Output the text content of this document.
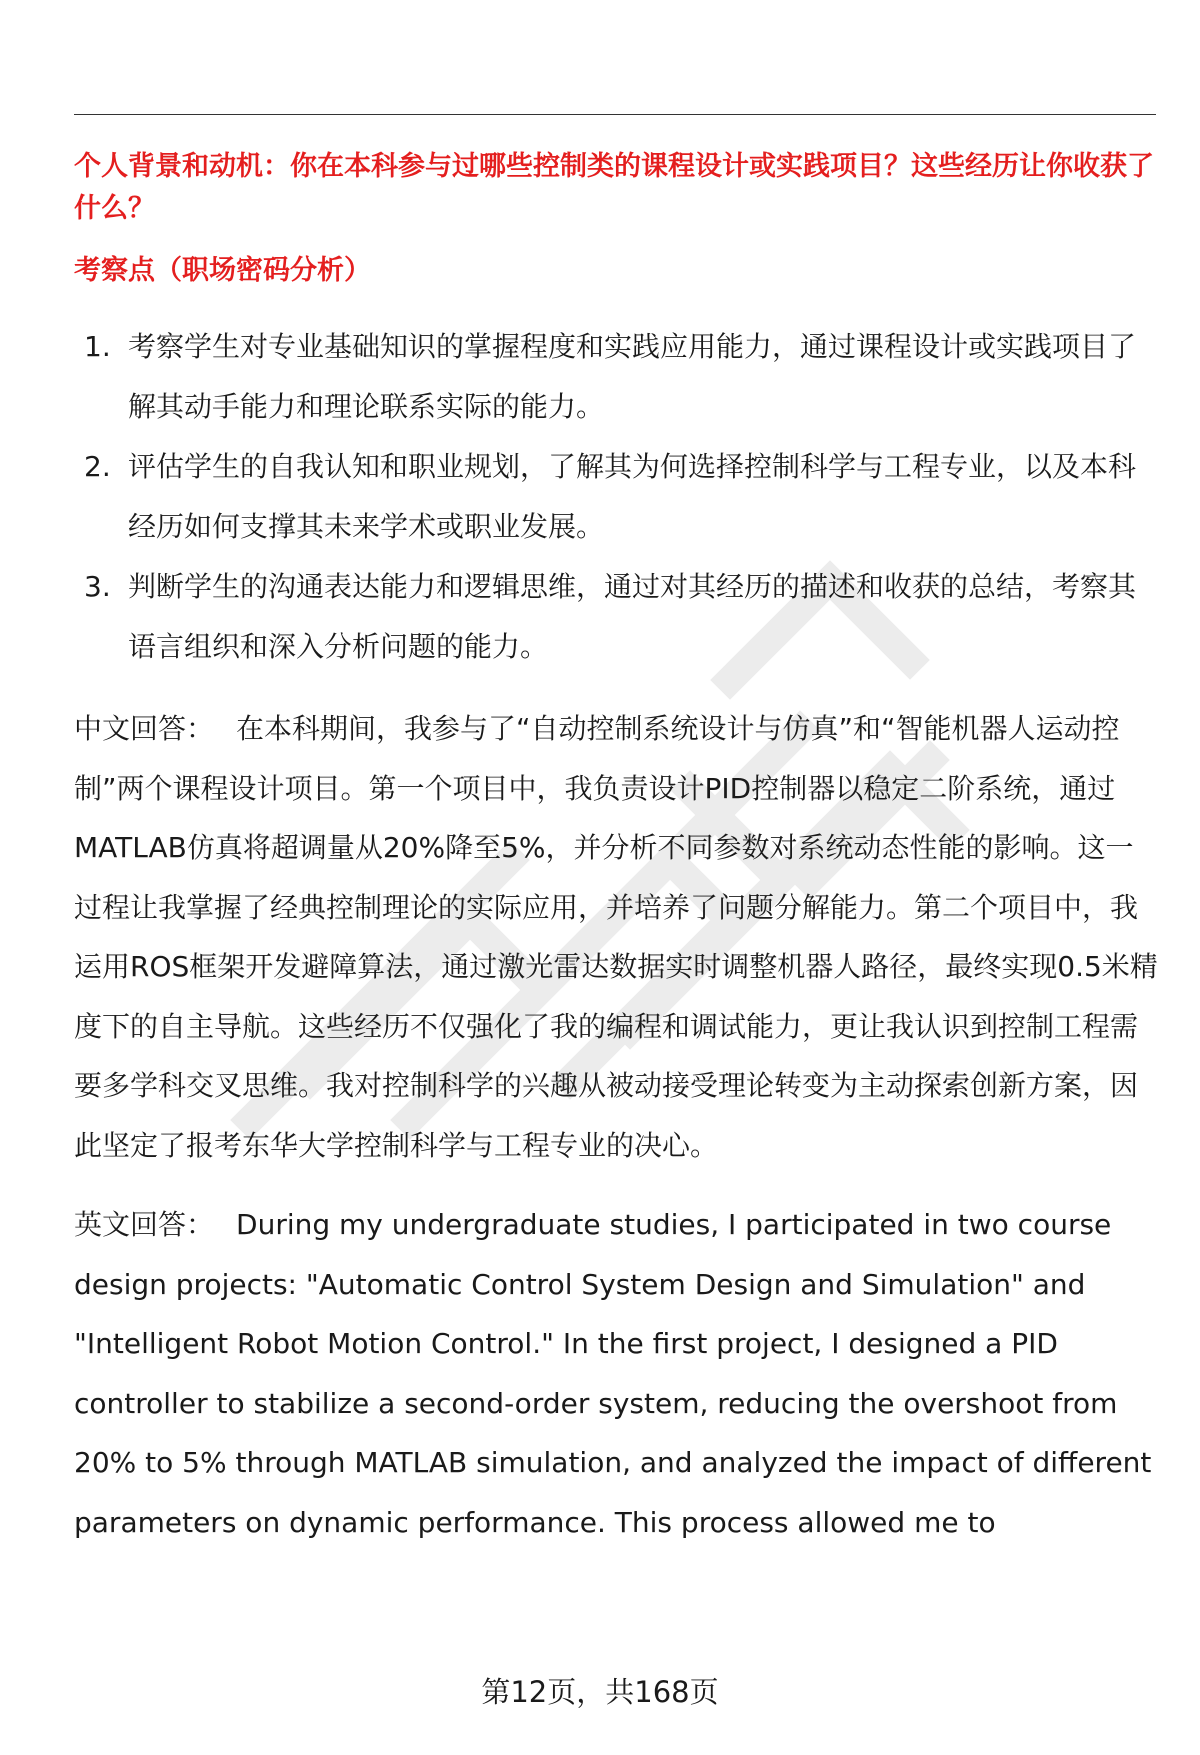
个人背景和动机：你在本科参与过哪些控制类的课程设计或实践项目？这些经历让你收获了什么？

考察点（职场密码分析）

1. 考察学生对专业基础知识的掌握程度和实践应用能力，通过课程设计或实践项目了解其动手能力和理论联系实际的能力。
2. 评估学生的自我认知和职业规划，了解其为何选择控制科学与工程专业，以及本科经历如何支撑其未来学术或职业发展。
3. 判断学生的沟通表达能力和逻辑思维，通过对其经历的描述和收获的总结，考察其语言组织和深入分析问题的能力。

中文回答： 在本科期间，我参与了“自动控制系统设计与仿真”和“智能机器人运动控制”两个课程设计项目。第一个项目中，我负责设计PID控制器以稳定二阶系统，通过MATLAB仿真将超调量从20%降至5%，并分析不同参数对系统动态性能的影响。这一过程让我掌握了经典控制理论的实际应用，并培养了问题分解能力。第二个项目中，我运用ROS框架开发避障算法，通过激光雷达数据实时调整机器人路径，最终实现0.5米精度下的自主导航。这些经历不仅强化了我的编程和调试能力，更让我认识到控制工程需要多学科交叉思维。我对控制科学的兴趣从被动接受理论转变为主动探索创新方案，因此坚定了报考东华大学控制科学与工程专业的决心。

英文回答： During my undergraduate studies, I participated in two course design projects: "Automatic Control System Design and Simulation" and "Intelligent Robot Motion Control." In the first project, I designed a PID controller to stabilize a second-order system, reducing the overshoot from 20% to 5% through MATLAB simulation, and analyzed the impact of different parameters on dynamic performance. This process allowed me to

第12页，共168页
